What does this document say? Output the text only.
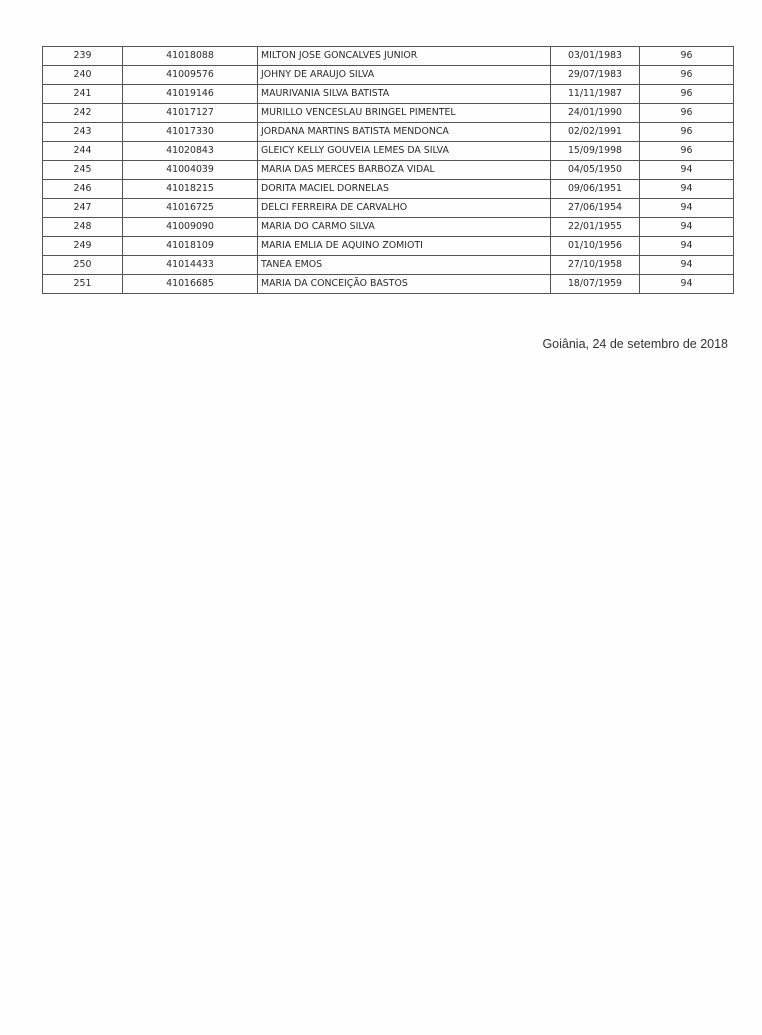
239	41018088	MILTON JOSE GONCALVES JUNIOR	03/01/1983	96
240	41009576	JOHNY DE ARAUJO SILVA	29/07/1983	96
241	41019146	MAURIVANIA SILVA BATISTA	11/11/1987	96
242	41017127	MURILLO VENCESLAU BRINGEL PIMENTEL	24/01/1990	96
243	41017330	JORDANA MARTINS BATISTA MENDONCA	02/02/1991	96
244	41020843	GLEICY KELLY GOUVEIA LEMES DA SILVA	15/09/1998	96
245	41004039	MARIA DAS MERCES BARBOZA VIDAL	04/05/1950	94
246	41018215	DORITA MACIEL DORNELAS	09/06/1951	94
247	41016725	DELCI FERREIRA DE CARVALHO	27/06/1954	94
248	41009090	MARIA DO CARMO SILVA	22/01/1955	94
249	41018109	MARIA EMLIA DE AQUINO ZOMIOTI	01/10/1956	94
250	41014433	TANEA EMOS	27/10/1958	94
251	41016685	MARIA DA CONCEIÇÃO BASTOS	18/07/1959	94
Goiânia, 24 de setembro de 2018
